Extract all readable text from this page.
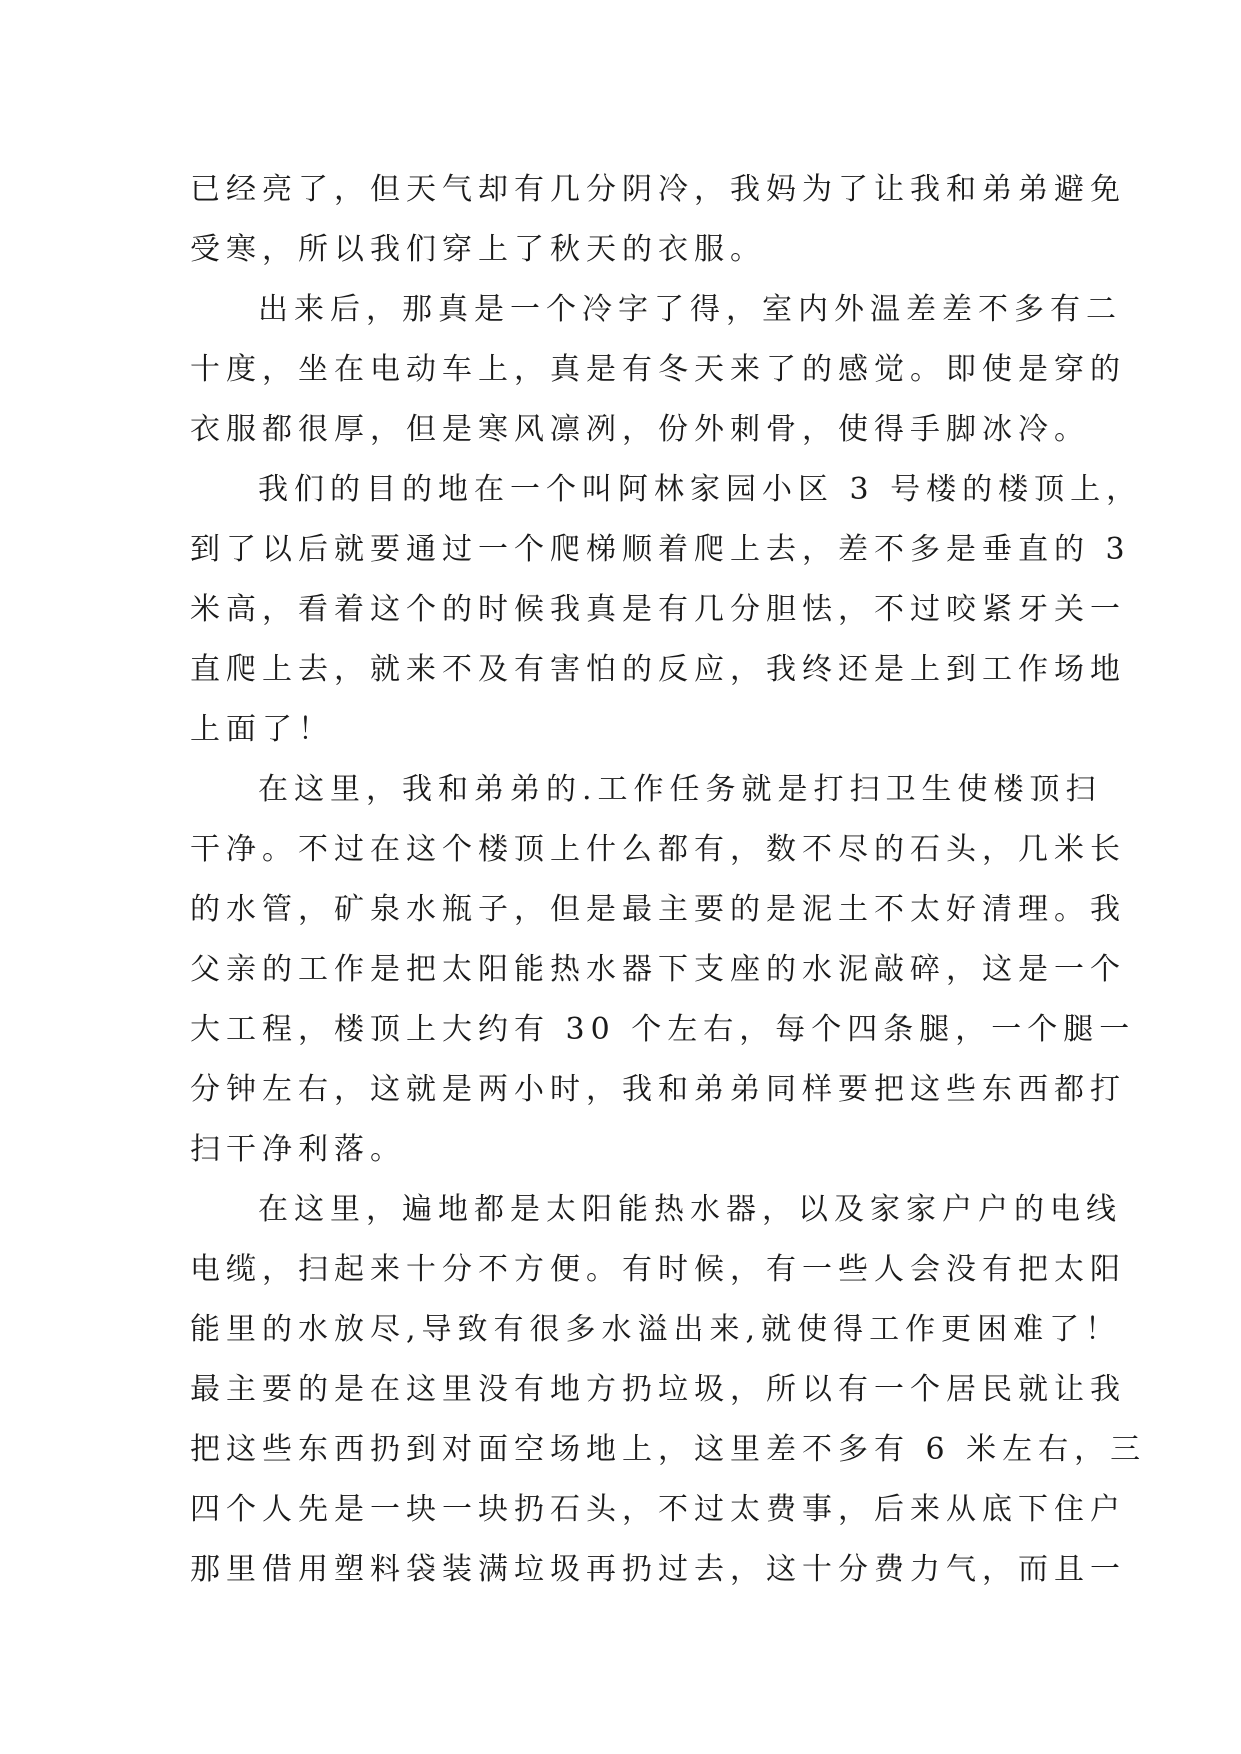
已经亮了，但天气却有几分阴冷，我妈为了让我和弟弟避免
受寒，所以我们穿上了秋天的衣服。
出来后，那真是一个冷字了得，室内外温差差不多有二
十度，坐在电动车上，真是有冬天来了的感觉。即使是穿的
衣服都很厚，但是寒风凛冽，份外刺骨，使得手脚冰冷。
我们的目的地在一个叫阿林家园小区 3 号楼的楼顶上，
到了以后就要通过一个爬梯顺着爬上去，差不多是垂直的 3
米高，看着这个的时候我真是有几分胆怯，不过咬紧牙关一
直爬上去，就来不及有害怕的反应，我终还是上到工作场地
上面了！
在这里，我和弟弟的.工作任务就是打扫卫生使楼顶扫
干净。不过在这个楼顶上什么都有，数不尽的石头，几米长
的水管，矿泉水瓶子，但是最主要的是泥土不太好清理。我
父亲的工作是把太阳能热水器下支座的水泥敲碎，这是一个
大工程，楼顶上大约有 30 个左右，每个四条腿，一个腿一
分钟左右，这就是两小时，我和弟弟同样要把这些东西都打
扫干净利落。
在这里，遍地都是太阳能热水器，以及家家户户的电线
电缆，扫起来十分不方便。有时候，有一些人会没有把太阳
能里的水放尽,导致有很多水溢出来,就使得工作更困难了！
最主要的是在这里没有地方扔垃圾，所以有一个居民就让我
把这些东西扔到对面空场地上，这里差不多有 6 米左右，三
四个人先是一块一块扔石头，不过太费事，后来从底下住户
那里借用塑料袋装满垃圾再扔过去，这十分费力气，而且一
